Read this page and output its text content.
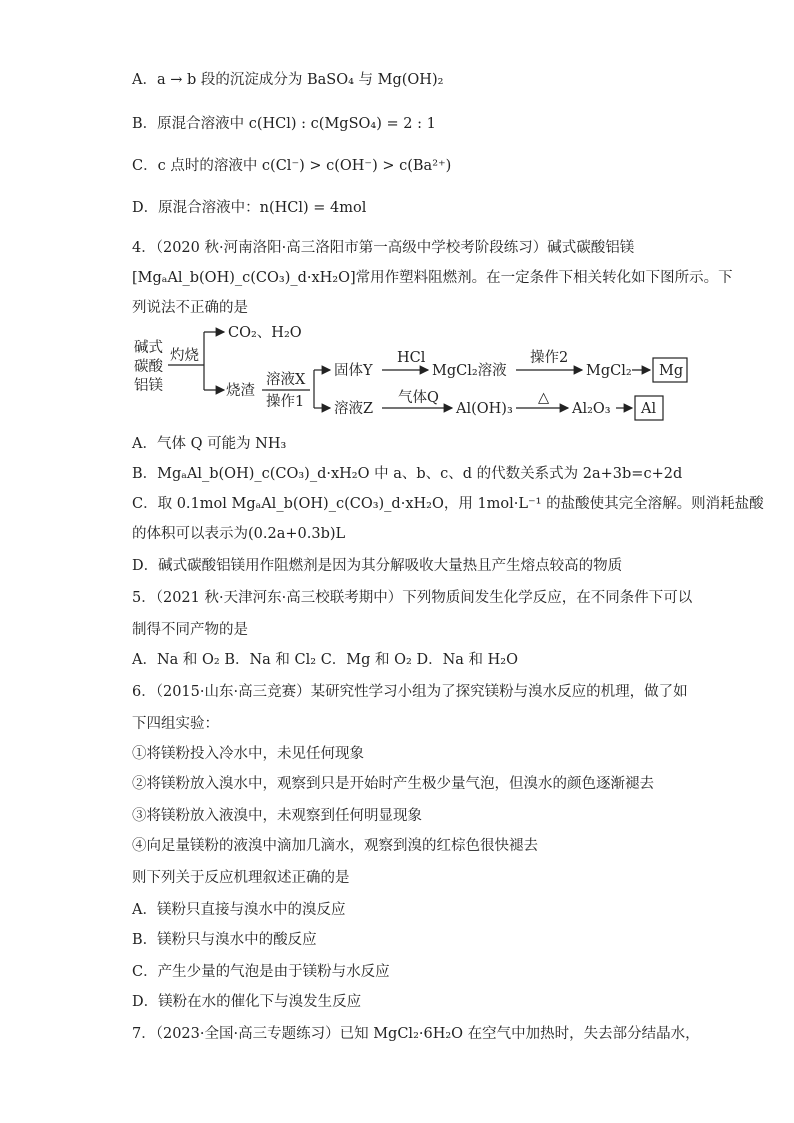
A．a → b 段的沉淀成分为 BaSO₄ 与 Mg(OH)₂
B．原混合溶液中 c(HCl) : c(MgSO₄) = 2 : 1
C．c 点时的溶液中 c(Cl⁻) > c(OH⁻) > c(Ba²⁺)
D．原混合溶液中：n(HCl) = 4mol
4．（2020 秋·河南洛阳·高三洛阳市第一高级中学校考阶段练习）碱式碳酸铝镁
[MgₐAl_b(OH)_c(CO₃)_d·xH₂O]常用作塑料阻燃剂。在一定条件下相关转化如下图所示。下
列说法不正确的是
A．气体 Q 可能为 NH₃
B．MgₐAl_b(OH)_c(CO₃)_d·xH₂O 中 a、b、c、d 的代数关系式为 2a+3b=c+2d
C．取 0.1mol MgₐAl_b(OH)_c(CO₃)_d·xH₂O，用 1mol·L⁻¹ 的盐酸使其完全溶解。则消耗盐酸
的体积可以表示为(0.2a+0.3b)L
D．碱式碳酸铝镁用作阻燃剂是因为其分解吸收大量热且产生熔点较高的物质
5．（2021 秋·天津河东·高三校联考期中）下列物质间发生化学反应，在不同条件下可以
制得不同产物的是
A．Na 和 O₂ B．Na 和 Cl₂ C．Mg 和 O₂ D．Na 和 H₂O
6．（2015·山东·高三竞赛）某研究性学习小组为了探究镁粉与溴水反应的机理，做了如
下四组实验：
①将镁粉投入冷水中，未见任何现象
②将镁粉放入溴水中，观察到只是开始时产生极少量气泡，但溴水的颜色逐渐褪去
③将镁粉放入液溴中，未观察到任何明显现象
④向足量镁粉的液溴中滴加几滴水，观察到溴的红棕色很快褪去
则下列关于反应机理叙述正确的是
A．镁粉只直接与溴水中的溴反应
B．镁粉只与溴水中的酸反应
C．产生少量的气泡是由于镁粉与水反应
D．镁粉在水的催化下与溴发生反应
7．（2023·全国·高三专题练习）已知 MgCl₂·6H₂O 在空气中加热时，失去部分结晶水，
碱式
碳酸
铝镁
灼烧
CO₂、H₂O
烧渣
溶液X
操作1
固体Y
HCl
MgCl₂溶液
操作2
MgCl₂ Mg
溶液Z
气体Q
Al(OH)₃
△
Al₂O₃ Al
